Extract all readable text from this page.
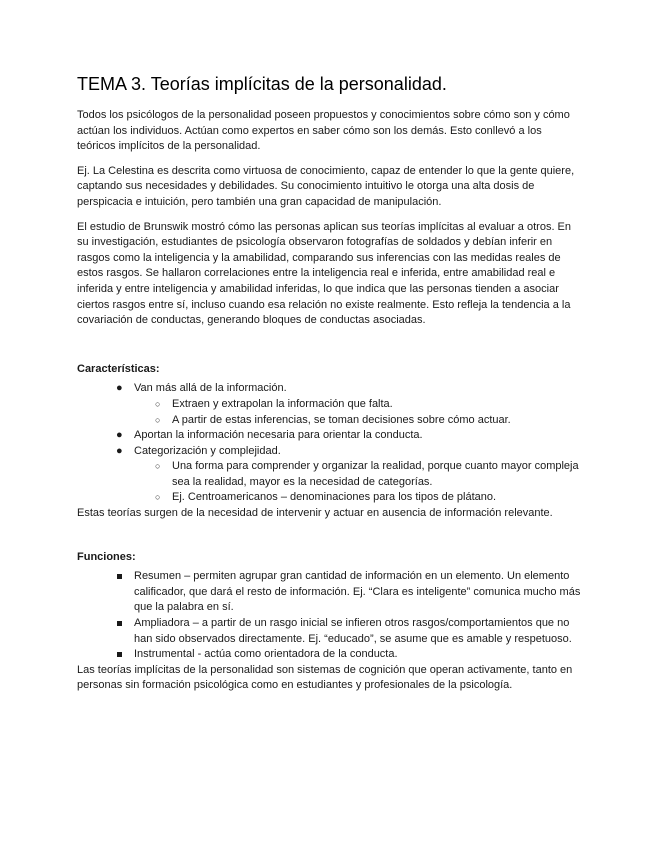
TEMA 3. Teorías implícitas de la personalidad.

Todos los psicólogos de la personalidad poseen propuestos y conocimientos sobre cómo son y cómo actúan los individuos. Actúan como expertos en saber cómo son los demás. Esto conllevó a los teóricos implícitos de la personalidad.

Ej. La Celestina es descrita como virtuosa de conocimiento, capaz de entender lo que la gente quiere, captando sus necesidades y debilidades. Su conocimiento intuitivo le otorga una alta dosis de perspicacia e intuición, pero también una gran capacidad de manipulación.

El estudio de Brunswik mostró cómo las personas aplican sus teorías implícitas al evaluar a otros. En su investigación, estudiantes de psicología observaron fotografías de soldados y debían inferir en rasgos como la inteligencia y la amabilidad, comparando sus inferencias con las medidas reales de estos rasgos. Se hallaron correlaciones entre la inteligencia real e inferida, entre amabilidad real e inferida y entre inteligencia y amabilidad inferidas, lo que indica que las personas tienden a asociar ciertos rasgos entre sí, incluso cuando esa relación no existe realmente. Esto refleja la tendencia a la covariación de conductas, generando bloques de conductas asociadas.

Características:
● Van más allá de la información.
○ Extraen y extrapolan la información que falta.
○ A partir de estas inferencias, se toman decisiones sobre cómo actuar.
● Aportan la información necesaria para orientar la conducta.
● Categorización y complejidad.
○ Una forma para comprender y organizar la realidad, porque cuanto mayor compleja sea la realidad, mayor es la necesidad de categorías.
○ Ej. Centroamericanos – denominaciones para los tipos de plátano.

Estas teorías surgen de la necesidad de intervenir y actuar en ausencia de información relevante.

Funciones:
Resumen – permiten agrupar gran cantidad de información en un elemento. Un elemento calificador, que dará el resto de información. Ej. “Clara es inteligente” comunica mucho más que la palabra en sí.
Ampliadora – a partir de un rasgo inicial se infieren otros rasgos/comportamientos que no han sido observados directamente. Ej. “educado”, se asume que es amable y respetuoso.
Instrumental - actúa como orientadora de la conducta.

Las teorías implícitas de la personalidad son sistemas de cognición que operan activamente, tanto en personas sin formación psicológica como en estudiantes y profesionales de la psicología.
